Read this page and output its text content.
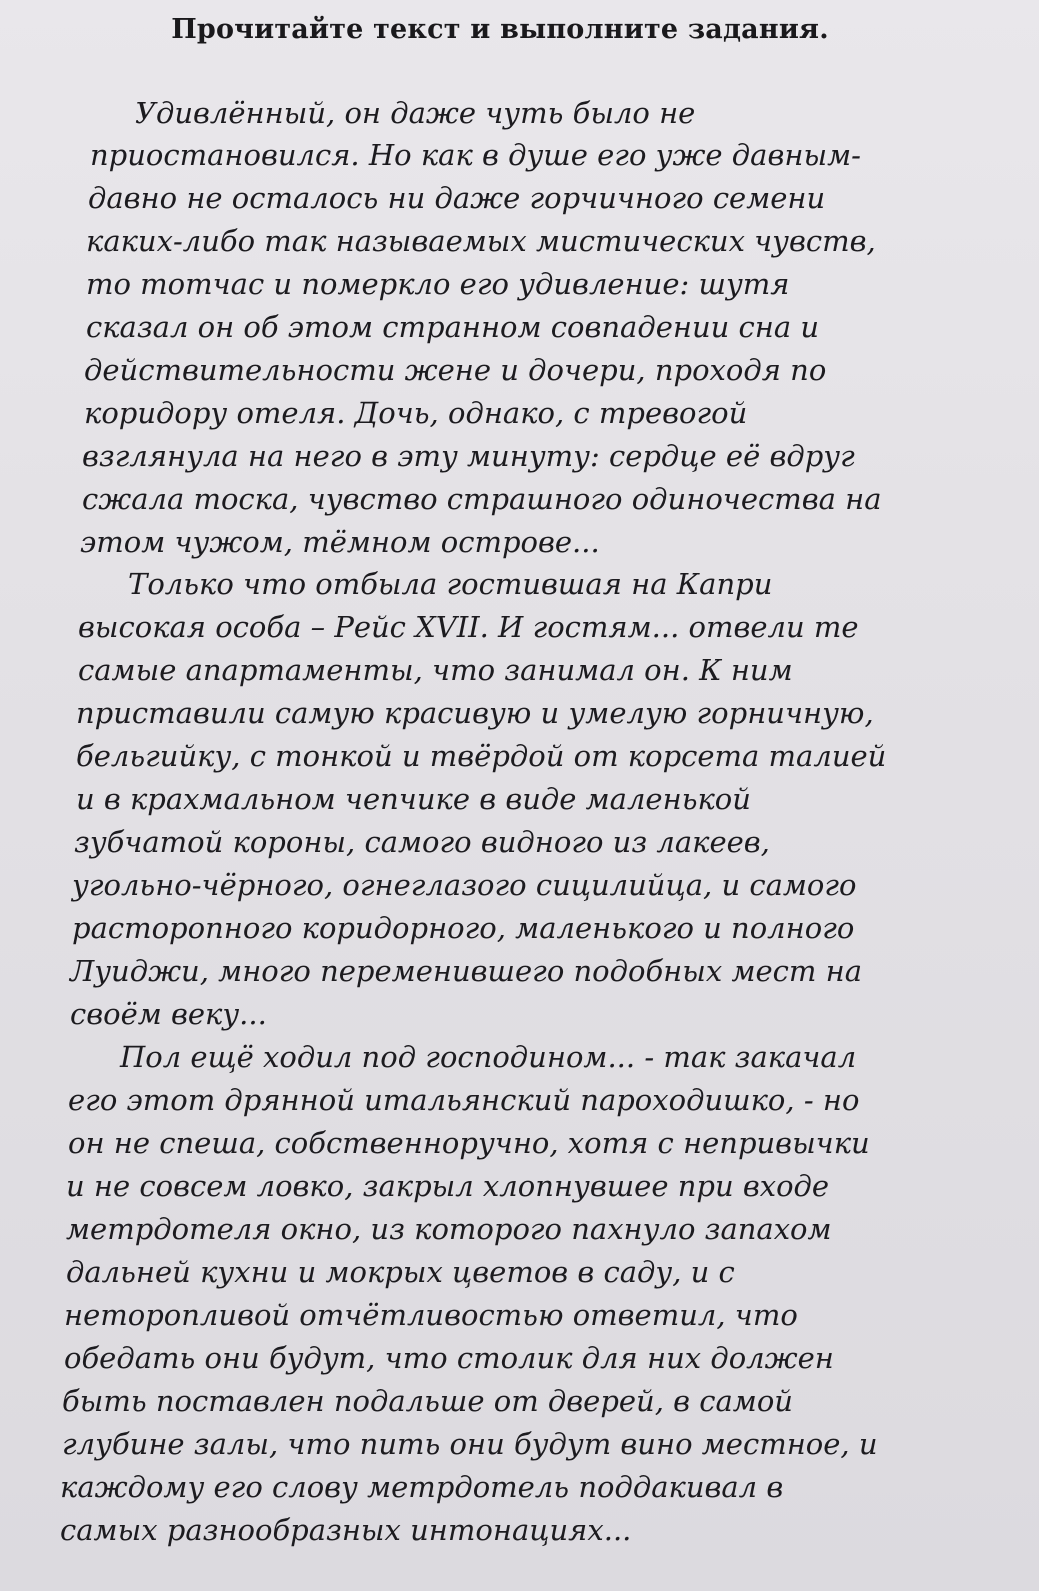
Прочитайте текст и выполните задания.
Удивлённый, он даже чуть было не
приостановился. Но как в душе его уже давным-
давно не осталось ни даже горчичного семени
каких-либо так называемых мистических чувств,
то тотчас и померкло его удивление: шутя
сказал он об этом странном совпадении сна и
действительности жене и дочери, проходя по
коридору отеля. Дочь, однако, с тревогой
взглянула на него в эту минуту: сердце её вдруг
сжала тоска, чувство страшного одиночества на
этом чужом, тёмном острове...
Только что отбыла гостившая на Капри
высокая особа – Рейс XVII. И гостям... отвели те
самые апартаменты, что занимал он. К ним
приставили самую красивую и умелую горничную,
бельгийку, с тонкой и твёрдой от корсета талией
и в крахмальном чепчике в виде маленькой
зубчатой короны, самого видного из лакеев,
угольно-чёрного, огнеглазого сицилийца, и самого
расторопного коридорного, маленького и полного
Луиджи, много переменившего подобных мест на
своём веку...
Пол ещё ходил под господином... - так закачал
его этот дрянной итальянский пароходишко, - но
он не спеша, собственноручно, хотя с непривычки
и не совсем ловко, закрыл хлопнувшее при входе
метрдотеля окно, из которого пахнуло запахом
дальней кухни и мокрых цветов в саду, и с
неторопливой отчётливостью ответил, что
обедать они будут, что столик для них должен
быть поставлен подальше от дверей, в самой
глубине залы, что пить они будут вино местное, и
каждому его слову метрдотель поддакивал в
самых разнообразных интонациях...
